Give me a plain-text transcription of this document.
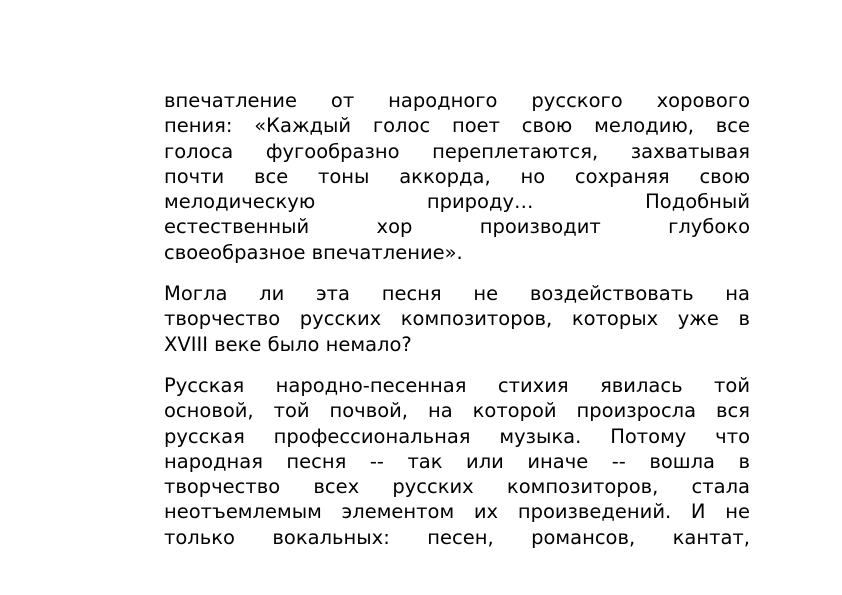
впечатление от народного русского хорового
пения: «Каждый голос поет свою мелодию, все
голоса фугообразно переплетаются, захватывая
почти все тоны аккорда, но сохраняя свою
мелодическую природу… Подобный
естественный хор производит глубоко
своеобразное впечатление».

Могла ли эта песня не воздействовать на
творчество русских композиторов, которых уже в
XVIII веке было немало?

Русская народно-песенная стихия явилась той
основой, той почвой, на которой произросла вся
русская профессиональная музыка. Потому что
народная песня -- так или иначе -- вошла в
творчество всех русских композиторов, стала
неотъемлемым элементом их произведений. И не
только вокальных: песен, романсов, кантат,
